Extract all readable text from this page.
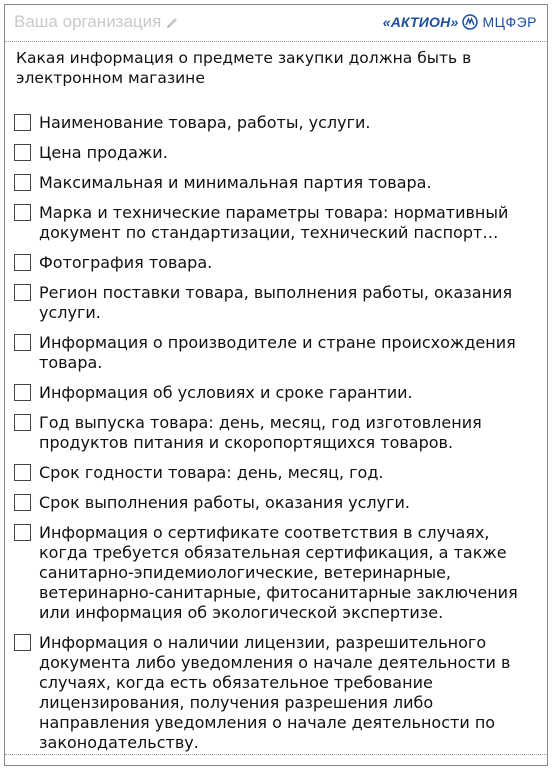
Ваша организация	«АКТИОН» МЦФЭР
Какая информация о предмете закупки должна быть в электронном магазине
Наименование товара, работы, услуги.
Цена продажи.
Максимальная и минимальная партия товара.
Марка и технические параметры товара: нормативный документ по стандартизации, технический паспорт…
Фотография товара.
Регион поставки товара, выполнения работы, оказания услуги.
Информация о производителе и стране происхождения товара.
Информация об условиях и сроке гарантии.
Год выпуска товара: день, месяц, год изготовления продуктов питания и скоропортящихся товаров.
Срок годности товара: день, месяц, год.
Срок выполнения работы, оказания услуги.
Информация о сертификате соответствия в случаях, когда требуется обязательная сертификация, а также санитарно-эпидемиологические, ветеринарные, ветеринарно-санитарные, фитосанитарные заключения или информация об экологической экспертизе.
Информация о наличии лицензии, разрешительного документа либо уведомления о начале деятельности в случаях, когда есть обязательное требование лицензирования, получения разрешения либо направления уведомления о начале деятельности по законодательству.
